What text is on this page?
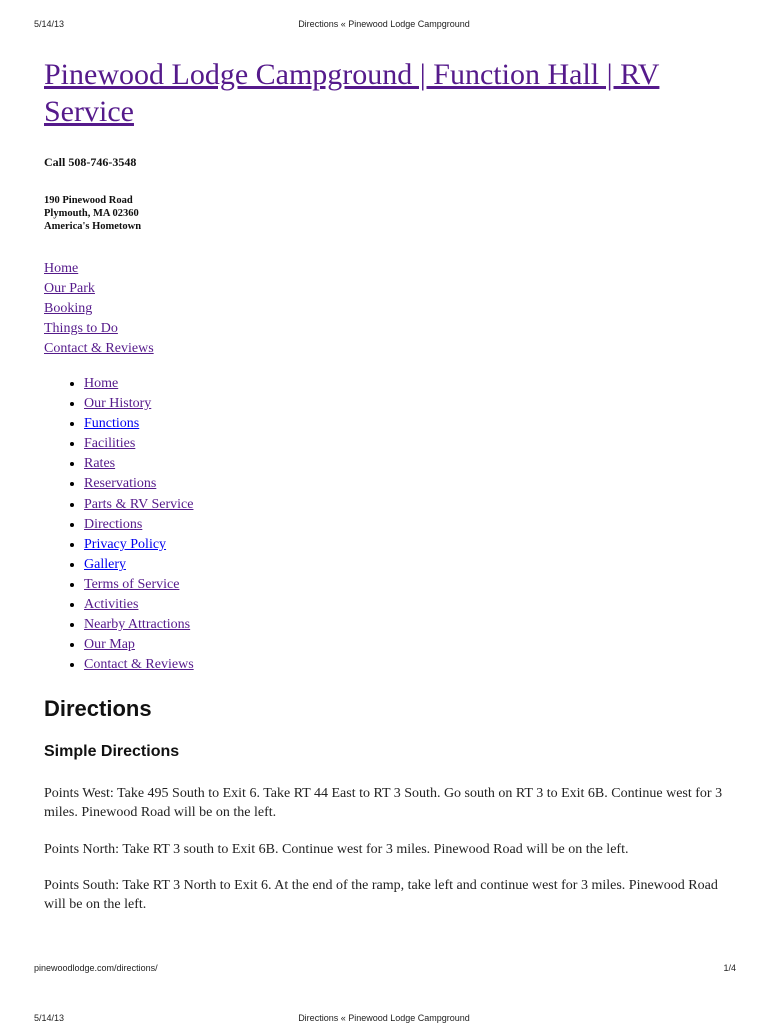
5/14/13	Directions « Pinewood Lodge Campground
Pinewood Lodge Campground | Function Hall | RV Service
Call 508-746-3548
190 Pinewood Road
Plymouth, MA 02360
America's Hometown
Home
Our Park
Booking
Things to Do
Contact & Reviews
• Home
• Our History
• Functions
• Facilities
• Rates
• Reservations
• Parts & RV Service
• Directions
• Privacy Policy
• Gallery
• Terms of Service
• Activities
• Nearby Attractions
• Our Map
• Contact & Reviews
Directions
Simple Directions

Points West: Take 495 South to Exit 6. Take RT 44 East to RT 3 South. Go south on RT 3 to Exit 6B. Continue west for 3 miles. Pinewood Road will be on the left.

Points North: Take RT 3 south to Exit 6B. Continue west for 3 miles. Pinewood Road will be on the left.

Points South: Take RT 3 North to Exit 6. At the end of the ramp, take left and continue west for 3 miles. Pinewood Road will be on the left.

pinewoodlodge.com/directions/	1/4
5/14/13	Directions « Pinewood Lodge Campground
